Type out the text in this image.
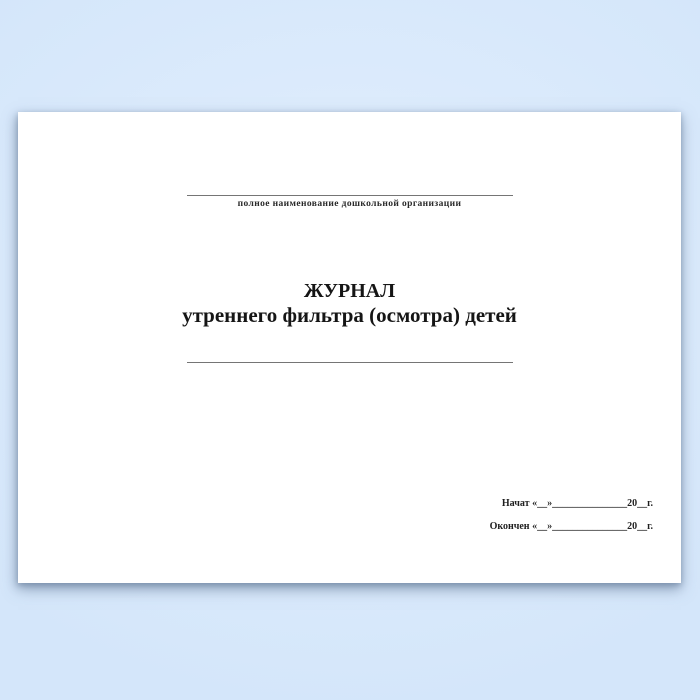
полное наименование дошкольной организации
ЖУРНАЛ
утреннего фильтра (осмотра) детей
Начат «__»_______________20__г.
Окончен «__»_______________20__г.
